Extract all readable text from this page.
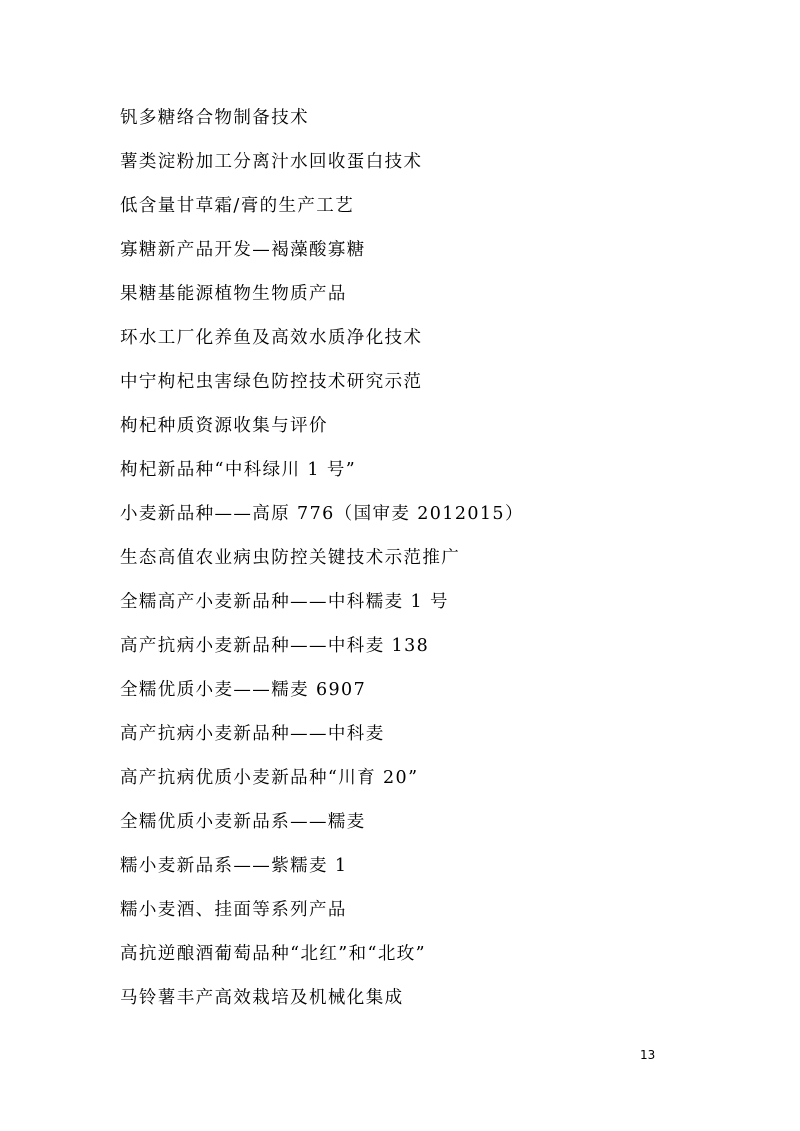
钒多糖络合物制备技术
薯类淀粉加工分离汁水回收蛋白技术
低含量甘草霜/膏的生产工艺
寡糖新产品开发—褐藻酸寡糖
果糖基能源植物生物质产品
环水工厂化养鱼及高效水质净化技术
中宁枸杞虫害绿色防控技术研究示范
枸杞种质资源收集与评价
枸杞新品种“中科绿川 1 号”
小麦新品种——高原 776（国审麦 2012015）
生态高值农业病虫防控关键技术示范推广
全糯高产小麦新品种——中科糯麦 1 号
高产抗病小麦新品种——中科麦 138
全糯优质小麦——糯麦 6907
高产抗病小麦新品种——中科麦
高产抗病优质小麦新品种“川育 20”
全糯优质小麦新品系——糯麦
糯小麦新品系——紫糯麦 1
糯小麦酒、挂面等系列产品
高抗逆酿酒葡萄品种“北红”和“北玫”
马铃薯丰产高效栽培及机械化集成
13
